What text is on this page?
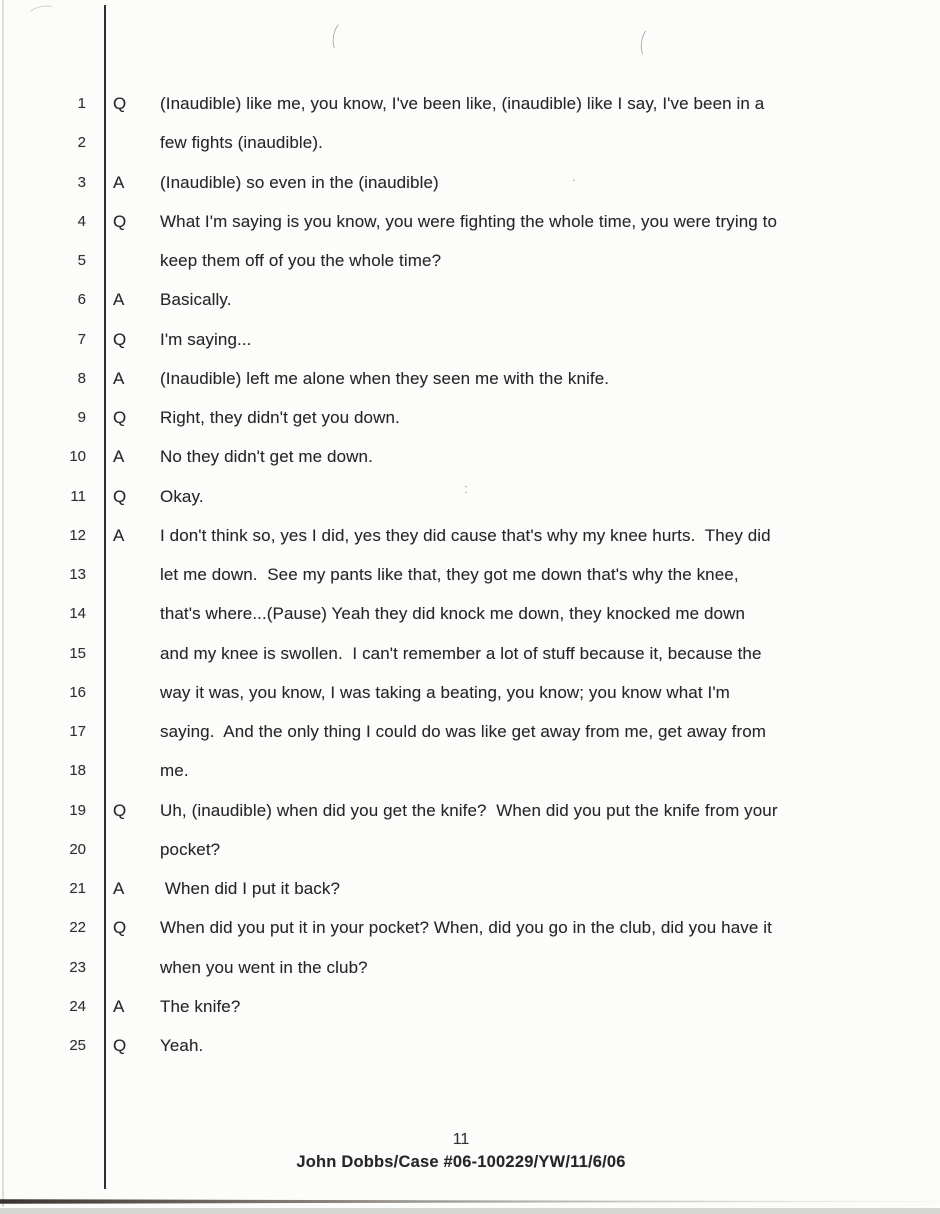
.
:
1 Q	(Inaudible) like me, you know, I've been like, (inaudible) like I say, I've been in a
2	few fights (inaudible).
3 A	(Inaudible) so even in the (inaudible)
4 Q	What I'm saying is you know, you were fighting the whole time, you were trying to
5	keep them off of you the whole time?
6 A	Basically.
7 Q	I'm saying...
8 A	(Inaudible) left me alone when they seen me with the knife.
9 Q	Right, they didn't get you down.
10 A	No they didn't get me down.
11 Q	Okay.
12 A	I don't think so, yes I did, yes they did cause that's why my knee hurts.  They did
13	let me down.  See my pants like that, they got me down that's why the knee,
14	that's where...(Pause) Yeah they did knock me down, they knocked me down
15	and my knee is swollen.  I can't remember a lot of stuff because it, because the
16	way it was, you know, I was taking a beating, you know; you know what I'm
17	saying.  And the only thing I could do was like get away from me, get away from
18	me.
19 Q	Uh, (inaudible) when did you get the knife?  When did you put the knife from your
20	pocket?
21 A	When did I put it back?
22 Q	When did you put it in your pocket? When, did you go in the club, did you have it
23	when you went in the club?
24 A	The knife?
25 Q	Yeah.
11
John Dobbs/Case #06-100229/YW/11/6/06
